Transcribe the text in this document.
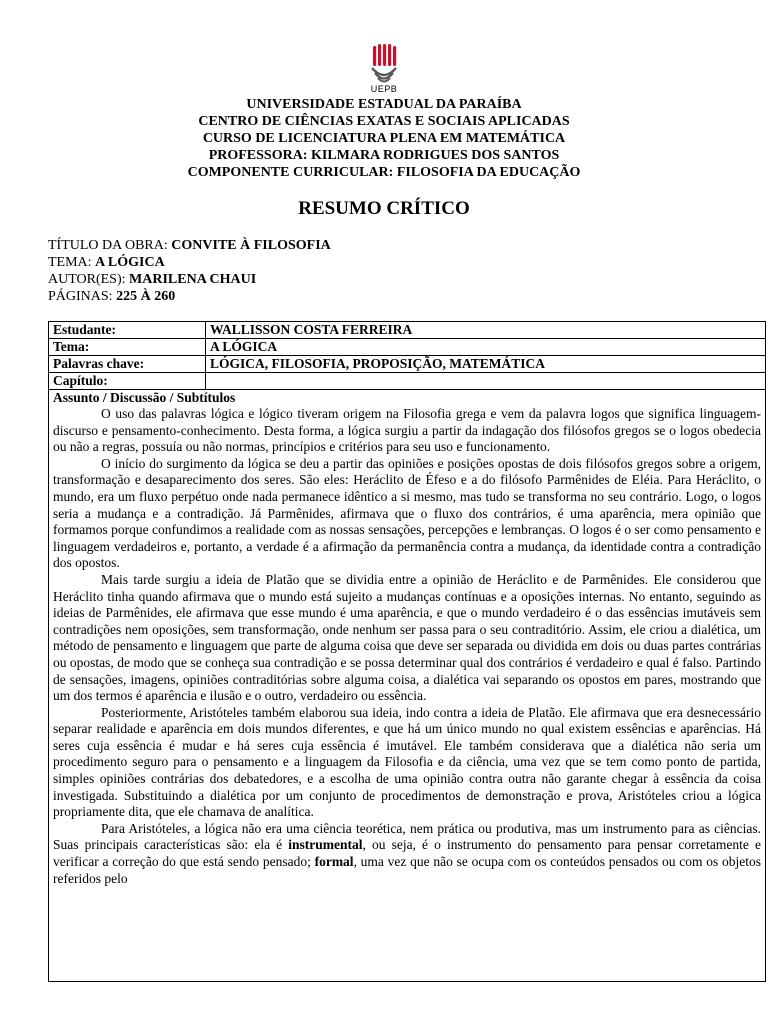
UEPB
UNIVERSIDADE ESTADUAL DA PARAÍBA
CENTRO DE CIÊNCIAS EXATAS E SOCIAIS APLICADAS
CURSO DE LICENCIATURA PLENA EM MATEMÁTICA
PROFESSORA: KILMARA RODRIGUES DOS SANTOS
COMPONENTE CURRICULAR: FILOSOFIA DA EDUCAÇÃO
RESUMO CRÍTICO
TÍTULO DA OBRA: CONVITE À FILOSOFIA
TEMA: A LÓGICA
AUTOR(ES): MARILENA CHAUI
PÁGINAS: 225 À 260
Estudante:	WALLISSON COSTA FERREIRA
Tema:	A LÓGICA
Palavras chave:	LÓGICA, FILOSOFIA, PROPOSIÇÃO, MATEMÁTICA
Capítulo:	
Assunto / Discussão / Subtítulos

O uso das palavras lógica e lógico tiveram origem na Filosofia grega e vem da palavra logos que significa linguagem-discurso e pensamento-conhecimento. Desta forma, a lógica surgiu a partir da indagação dos filósofos gregos se o logos obedecia ou não a regras, possuía ou não normas, princípios e critérios para seu uso e funcionamento.

O início do surgimento da lógica se deu a partir das opiniões e posições opostas de dois filósofos gregos sobre a origem, transformação e desaparecimento dos seres. São eles: Heráclito de Éfeso e a do filósofo Parmênides de Eléia. Para Heráclito, o mundo, era um fluxo perpétuo onde nada permanece idêntico a si mesmo, mas tudo se transforma no seu contrário. Logo, o logos seria a mudança e a contradição. Já Parmênides, afirmava que o fluxo dos contrários, é uma aparência, mera opinião que formamos porque confundimos a realidade com as nossas sensações, percepções e lembranças. O logos é o ser como pensamento e linguagem verdadeiros e, portanto, a verdade é a afirmação da permanência contra a mudança, da identidade contra a contradição dos opostos.

Mais tarde surgiu a ideia de Platão que se dividia entre a opinião de Heráclito e de Parmênides. Ele considerou que Heráclito tinha quando afirmava que o mundo está sujeito a mudanças contínuas e a oposições internas. No entanto, seguindo as ideias de Parmênides, ele afirmava que esse mundo é uma aparência, e que o mundo verdadeiro é o das essências imutáveis sem contradições nem oposições, sem transformação, onde nenhum ser passa para o seu contraditório. Assim, ele criou a dialética, um método de pensamento e linguagem que parte de alguma coisa que deve ser separada ou dividida em dois ou duas partes contrárias ou opostas, de modo que se conheça sua contradição e se possa determinar qual dos contrários é verdadeiro e qual é falso. Partindo de sensações, imagens, opiniões contraditórias sobre alguma coisa, a dialética vai separando os opostos em pares, mostrando que um dos termos é aparência e ilusão e o outro, verdadeiro ou essência.

Posteriormente, Aristóteles também elaborou sua ideia, indo contra a ideia de Platão. Ele afirmava que era desnecessário separar realidade e aparência em dois mundos diferentes, e que há um único mundo no qual existem essências e aparências. Há seres cuja essência é mudar e há seres cuja essência é imutável. Ele também considerava que a dialética não seria um procedimento seguro para o pensamento e a linguagem da Filosofia e da ciência, uma vez que se tem como ponto de partida, simples opiniões contrárias dos debatedores, e a escolha de uma opinião contra outra não garante chegar à essência da coisa investigada. Substituindo a dialética por um conjunto de procedimentos de demonstração e prova, Aristóteles criou a lógica propriamente dita, que ele chamava de analítica.

Para Aristóteles, a lógica não era uma ciência teorética, nem prática ou produtiva, mas um instrumento para as ciências. Suas principais características são: ela é instrumental, ou seja, é o instrumento do pensamento para pensar corretamente e verificar a correção do que está sendo pensado; formal, uma vez que não se ocupa com os conteúdos pensados ou com os objetos referidos pelo
